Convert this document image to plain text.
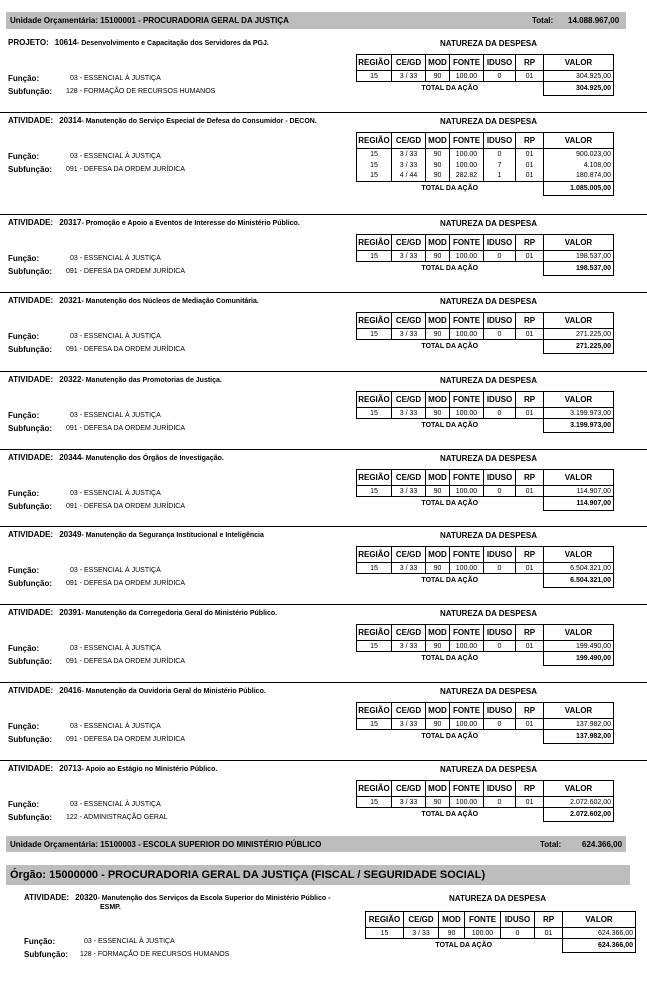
Unidade Orçamentária: 15100001 - PROCURADORIA GERAL DA JUSTIÇA	Total: 14.088.967,00
PROJETO: 10614- Desenvolvimento e Capacitação dos Servidores da PGJ.	NATUREZA DA DESPESA
REGIÃO	CE/GD	MOD	FONTE	IDUSO	RP	VALOR
15	3 / 33	90	100.00	0	01	304.925,00
TOTAL DA AÇÃO						304.925,00
Função:	03 - ESSENCIAL À JUSTIÇA
Subfunção: 128 - FORMAÇÃO DE RECURSOS HUMANOS
ATIVIDADE: 20314- Manutenção do Serviço Especial de Defesa do Consumidor - DECON.	NATUREZA DA DESPESA
REGIÃO	CE/GD	MOD	FONTE	IDUSO	RP	VALOR
15	3 / 33	90	100.00	0	01	900.023,00
15	3 / 33	90	100.00	7	01	4.108,00
15	4 / 44	90	282.82	1	01	180.874,00
TOTAL DA AÇÃO						1.085.005,00
Função:	03 - ESSENCIAL À JUSTIÇA
Subfunção: 091 - DEFESA DA ORDEM JURÍDICA
ATIVIDADE: 20317- Promoção e Apoio a Eventos de Interesse do Ministério Público.	NATUREZA DA DESPESA
REGIÃO	CE/GD	MOD	FONTE	IDUSO	RP	VALOR
15	3 / 33	90	100.00	0	01	198.537,00
TOTAL DA AÇÃO						198.537,00
Função:	03 - ESSENCIAL À JUSTIÇA
Subfunção: 091 - DEFESA DA ORDEM JURÍDICA
ATIVIDADE: 20321- Manutenção dos Núcleos de Mediação Comunitária.	NATUREZA DA DESPESA
REGIÃO	CE/GD	MOD	FONTE	IDUSO	RP	VALOR
15	3 / 33	90	100.00	0	01	271.225,00
TOTAL DA AÇÃO						271.225,00
Função:	03 - ESSENCIAL À JUSTIÇA
Subfunção: 091 - DEFESA DA ORDEM JURÍDICA
ATIVIDADE: 20322- Manutenção das Promotorias de Justiça.	NATUREZA DA DESPESA
REGIÃO	CE/GD	MOD	FONTE	IDUSO	RP	VALOR
15	3 / 33	90	100.00	0	01	3.199.973,00
TOTAL DA AÇÃO						3.199.973,00
Função:	03 - ESSENCIAL À JUSTIÇA
Subfunção: 091 - DEFESA DA ORDEM JURÍDICA
ATIVIDADE: 20344- Manutenção dos Órgãos de Investigação.	NATUREZA DA DESPESA
REGIÃO	CE/GD	MOD	FONTE	IDUSO	RP	VALOR
15	3 / 33	90	100.00	0	01	114.907,00
TOTAL DA AÇÃO						114.907,00
Função:	03 - ESSENCIAL À JUSTIÇA
Subfunção: 091 - DEFESA DA ORDEM JURÍDICA
ATIVIDADE: 20349- Manutenção da Segurança Institucional e Inteligência	NATUREZA DA DESPESA
REGIÃO	CE/GD	MOD	FONTE	IDUSO	RP	VALOR
15	3 / 33	90	100.00	0	01	6.504.321,00
TOTAL DA AÇÃO						6.504.321,00
Função:	03 - ESSENCIAL À JUSTIÇA
Subfunção: 091 - DEFESA DA ORDEM JURÍDICA
ATIVIDADE: 20391- Manutenção da Corregedoria Geral do Ministério Público.	NATUREZA DA DESPESA
REGIÃO	CE/GD	MOD	FONTE	IDUSO	RP	VALOR
15	3 / 33	90	100.00	0	01	199.490,00
TOTAL DA AÇÃO						199.490,00
Função:	03 - ESSENCIAL À JUSTIÇA
Subfunção: 091 - DEFESA DA ORDEM JURÍDICA
ATIVIDADE: 20416- Manutenção da Ouvidoria Geral do Ministério Público.	NATUREZA DA DESPESA
REGIÃO	CE/GD	MOD	FONTE	IDUSO	RP	VALOR
15	3 / 33	90	100.00	0	01	137.982,00
TOTAL DA AÇÃO						137.982,00
Função:	03 - ESSENCIAL À JUSTIÇA
Subfunção: 091 - DEFESA DA ORDEM JURÍDICA
ATIVIDADE: 20713- Apoio ao Estágio no Ministério Público.	NATUREZA DA DESPESA
REGIÃO	CE/GD	MOD	FONTE	IDUSO	RP	VALOR
15	3 / 33	90	100.00	0	01	2.072.602,00
TOTAL DA AÇÃO						2.072.602,00
Função:	03 - ESSENCIAL À JUSTIÇA
Subfunção: 122 - ADMINISTRAÇÃO GERAL
Unidade Orçamentária: 15100003 - ESCOLA SUPERIOR DO MINISTÉRIO PÚBLICO	Total:	624.366,00
Órgão: 15000000 - PROCURADORIA GERAL DA JUSTIÇA (FISCAL / SEGURIDADE SOCIAL)
ATIVIDADE: 20320- Manutenção dos Serviços da Escola Superior do Ministério Público -
ESMP.
NATUREZA DA DESPESA
REGIÃO	CE/GD	MOD	FONTE	IDUSO	RP	VALOR
15	3 / 33	90	100.00	0	01	624.366,00
TOTAL DA AÇÃO						624.366,00
Função:	03 - ESSENCIAL À JUSTIÇA
Subfunção: 128 - FORMAÇÃO DE RECURSOS HUMANOS
